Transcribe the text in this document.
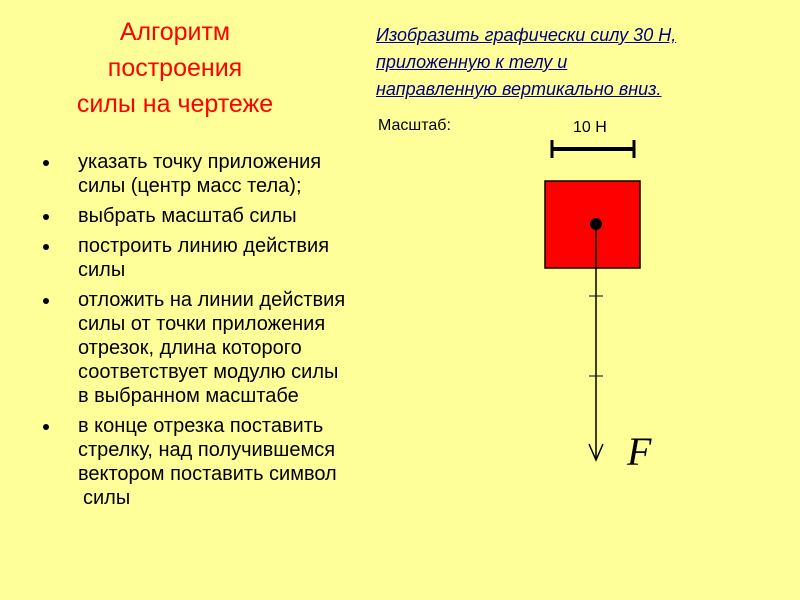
Алгоритм
построения
силы на чертеже
Изобразить графически силу 30 Н,
приложенную к телу и
направленную вертикально вниз.
указать точку приложения
силы (центр масс тела);
выбрать масштаб силы
построить линию действия
силы
отложить на линии действия
силы от точки приложения
отрезок, длина которого
соответствует модулю силы
в выбранном масштабе
в конце отрезка поставить
стрелку, над получившемся
вектором поставить символ
силы
Масштаб:	10 Н
F
